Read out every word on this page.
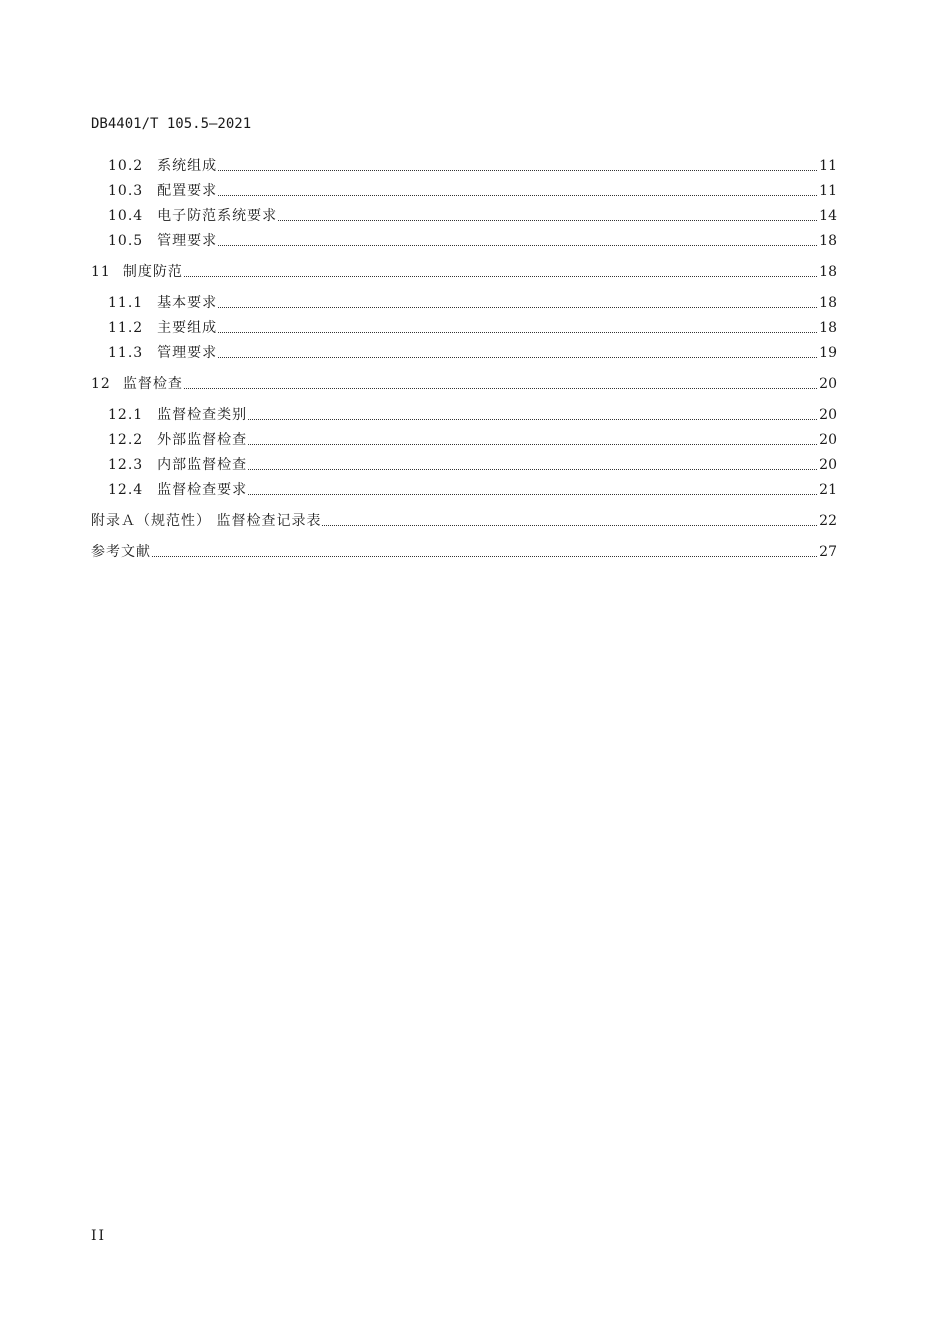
DB4401/T 105.5—2021
10.2 系统组成	11
10.3 配置要求	11
10.4 电子防范系统要求	14
10.5 管理要求	18
11 制度防范	18
11.1 基本要求	18
11.2 主要组成	18
11.3 管理要求	19
12 监督检查	20
12.1 监督检查类别	20
12.2 外部监督检查	20
12.3 内部监督检查	20
12.4 监督检查要求	21
附录Ａ（规范性） 监督检查记录表	22
参考文献	27
II
